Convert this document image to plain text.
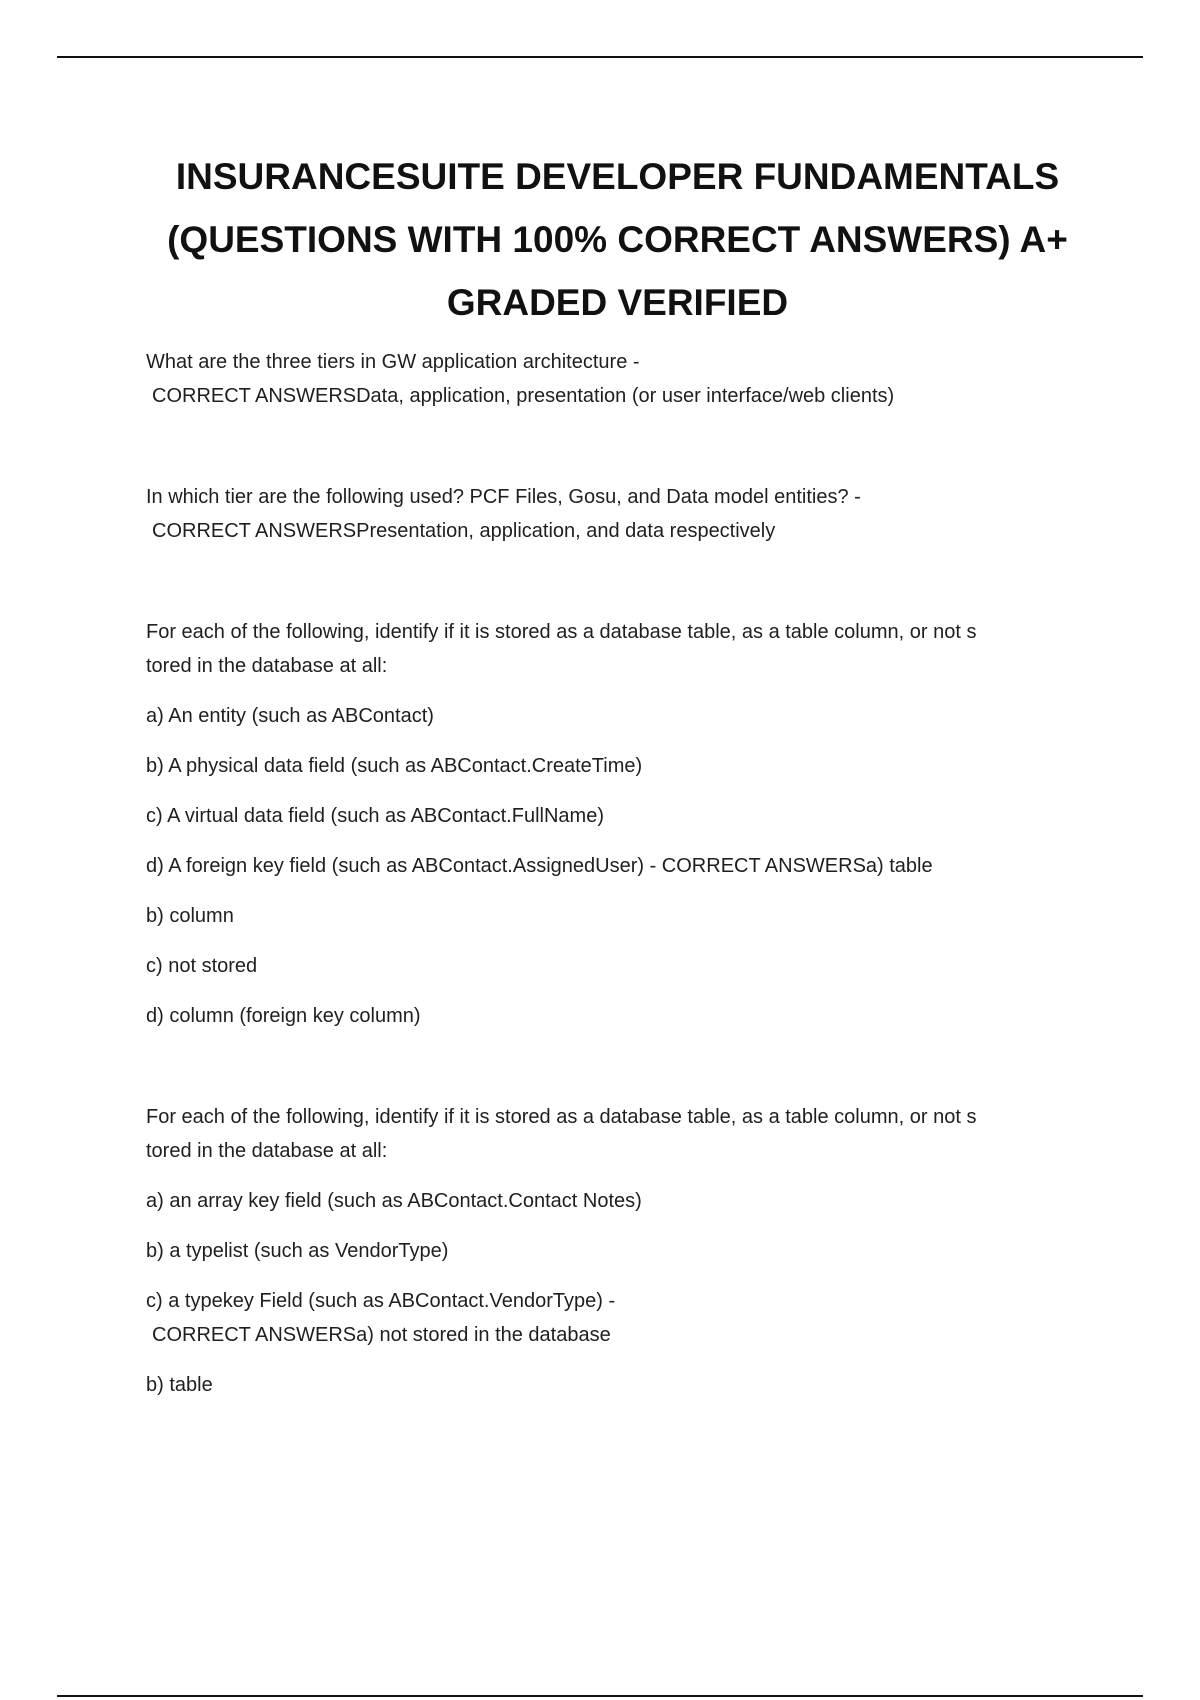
INSURANCESUITE DEVELOPER FUNDAMENTALS
(QUESTIONS WITH 100% CORRECT ANSWERS) A+
GRADED VERIFIED
What are the three tiers in GW application architecture -
CORRECT ANSWERSData, application, presentation (or user interface/web clients)
In which tier are the following used? PCF Files, Gosu, and Data model entities? -
CORRECT ANSWERSPresentation, application, and data respectively
For each of the following, identify if it is stored as a database table, as a table column, or not s
tored in the database at all:
a) An entity (such as ABContact)
b) A physical data field (such as ABContact.CreateTime)
c) A virtual data field (such as ABContact.FullName)
d) A foreign key field (such as ABContact.AssignedUser) - CORRECT ANSWERSa) table
b) column
c) not stored
d) column (foreign key column)
For each of the following, identify if it is stored as a database table, as a table column, or not s
tored in the database at all:
a) an array key field (such as ABContact.Contact Notes)
b) a typelist (such as VendorType)
c) a typekey Field (such as ABContact.VendorType) -
CORRECT ANSWERSa) not stored in the database
b) table
